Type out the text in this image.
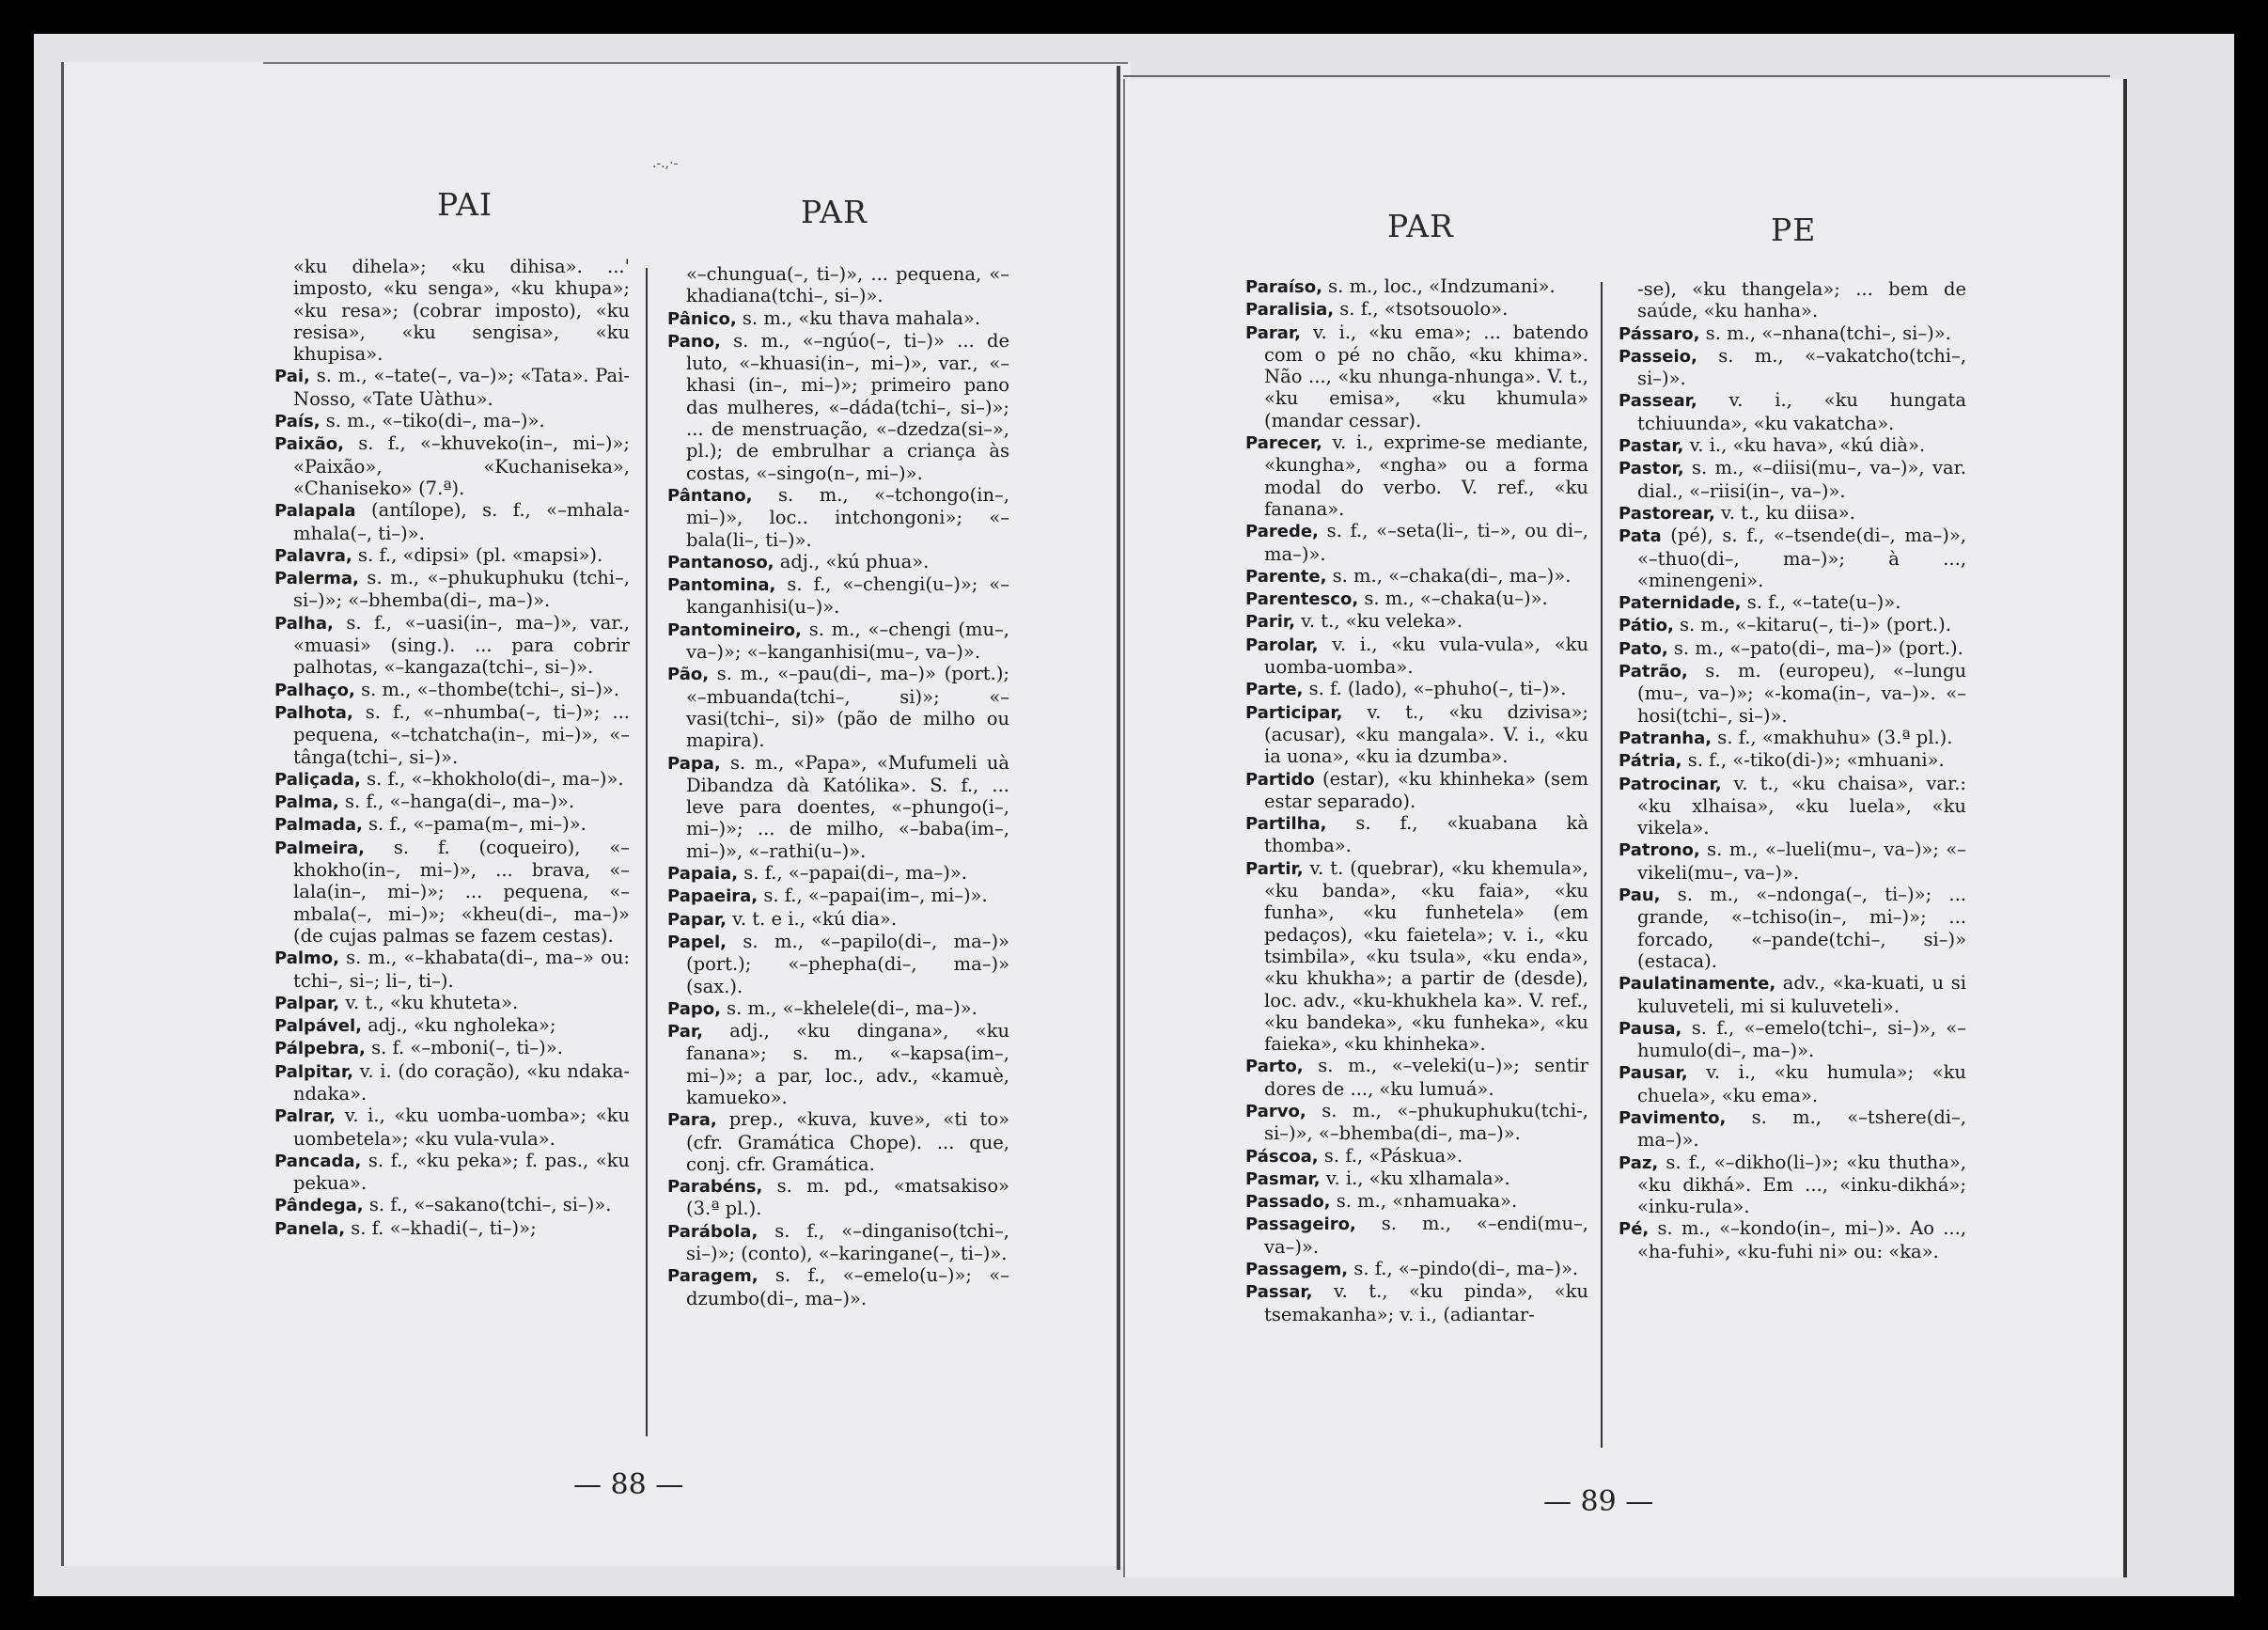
.-.,·-
PAI	PAR	PAR	PE

«ku dihela»; «ku dihisa». ...' imposto, «ku senga», «ku khupa»; «ku resa»; (cobrar imposto), «ku resisa», «ku sengisa», «ku khupisa».

Pai, s. m., «–tate(–, va–)»; «Tata». Pai-Nosso, «Tate Uàthu».

País, s. m., «–tiko(di–, ma–)».

Paixão, s. f., «–khuveko(in–, mi–)»; «Paixão», «Kuchaniseka», «Chaniseko» (7.ª).

Palapala (antílope), s. f., «–mhala-mhala(–, ti–)».

Palavra, s. f., «dipsi» (pl. «mapsi»).

Palerma, s. m., «–phukuphuku (tchi–, si–)»; «–bhemba(di–, ma–)».

Palha, s. f., «–uasi(in–, ma–)», var., «muasi» (sing.). ... para cobrir palhotas, «–kangaza(tchi–, si–)».

Palhaço, s. m., «–thombe(tchi–, si–)».

Palhota, s. f., «–nhumba(–, ti–)»; ... pequena, «–tchatcha(in–, mi–)», «–tânga(tchi–, si–)».

Paliçada, s. f., «–khokholo(di–, ma–)».

Palma, s. f., «–hanga(di–, ma–)».

Palmada, s. f., «–pama(m–, mi–)».

Palmeira, s. f. (coqueiro), «–khokho(in–, mi–)», ... brava, «–lala(in–, mi–)»; ... pequena, «–mbala(–, mi–)»; «kheu(di–, ma–)» (de cujas palmas se fazem cestas).

Palmo, s. m., «–khabata(di–, ma–» ou: tchi–, si–; li–, ti–).

Palpar, v. t., «ku khuteta».

Palpável, adj., «ku ngholeka»;

Pálpebra, s. f. «–mboni(–, ti–)».

Palpitar, v. i. (do coração), «ku ndaka-ndaka».

Palrar, v. i., «ku uomba-uomba»; «ku uombetela»; «ku vula-vula».

Pancada, s. f., «ku peka»; f. pas., «ku pekua».

Pândega, s. f., «–sakano(tchi–, si–)».

Panela, s. f. «–khadi(–, ti–)»;

«–chungua(–, ti–)», ... pequena, «–khadiana(tchi–, si–)».

Pânico, s. m., «ku thava mahala».

Pano, s. m., «–ngúo(–, ti–)» ... de luto, «–khuasi(in–, mi–)», var., «–khasi (in–, mi–)»; primeiro pano das mulheres, «–dáda(tchi–, si–)»; ... de menstruação, «–dzedza(si–», pl.); de embrulhar a criança às costas, «–singo(n–, mi–)».

Pântano, s. m., «–tchongo(in–, mi–)», loc.. intchongoni»; «–bala(li–, ti–)».

Pantanoso, adj., «kú phua».

Pantomina, s. f., «–chengi(u–)»; «–kanganhisi(u–)».

Pantomineiro, s. m., «–chengi (mu–, va–)»; «–kanganhisi(mu–, va–)».

Pão, s. m., «–pau(di–, ma–)» (port.); «–mbuanda(tchi–, si)»; «–vasi(tchi–, si)» (pão de milho ou mapira).

Papa, s. m., «Papa», «Mufumeli uà Dibandza dà Katólika». S. f., ... leve para doentes, «–phungo(i–, mi–)»; ... de milho, «–baba(im–, mi–)», «–rathi(u–)».

Papaia, s. f., «–papai(di–, ma–)».

Papaeira, s. f., «–papai(im–, mi–)».

Papar, v. t. e i., «kú dia».

Papel, s. m., «–papilo(di–, ma–)» (port.); «–phepha(di–, ma–)» (sax.).

Papo, s. m., «–khelele(di–, ma–)».

Par, adj., «ku dingana», «ku fanana»; s. m., «–kapsa(im–, mi–)»; a par, loc., adv., «kamuè, kamueko».

Para, prep., «kuva, kuve», «ti to» (cfr. Gramática Chope). ... que, conj. cfr. Gramática.

Parabéns, s. m. pd., «matsakiso» (3.ª pl.).

Parábola, s. f., «–dinganiso(tchi–, si–)»; (conto), «–karingane(–, ti–)».

Paragem, s. f., «–emelo(u–)»; «–dzumbo(di–, ma–)».

Paraíso, s. m., loc., «Indzumani».

Paralisia, s. f., «tsotsouolo».

Parar, v. i., «ku ema»; ... batendo com o pé no chão, «ku khima». Não ..., «ku nhunga-nhunga». V. t., «ku emisa», «ku khumula» (mandar cessar).

Parecer, v. i., exprime-se mediante, «kungha», «ngha» ou a forma modal do verbo. V. ref., «ku fanana».

Parede, s. f., «–seta(li–, ti–», ou di–, ma–)».

Parente, s. m., «–chaka(di–, ma–)».

Parentesco, s. m., «–chaka(u–)».

Parir, v. t., «ku veleka».

Parolar, v. i., «ku vula-vula», «ku uomba-uomba».

Parte, s. f. (lado), «–phuho(–, ti–)».

Participar, v. t., «ku dzivisa»; (acusar), «ku mangala». V. i., «ku ia uona», «ku ia dzumba».

Partido (estar), «ku khinheka» (sem estar separado).

Partilha, s. f., «kuabana kà thomba».

Partir, v. t. (quebrar), «ku khemula», «ku banda», «ku faia», «ku funha», «ku funhetela» (em pedaços), «ku faietela»; v. i., «ku tsimbila», «ku tsula», «ku enda», «ku khukha»; a partir de (desde), loc. adv., «ku-khukhela ka». V. ref., «ku bandeka», «ku funheka», «ku faieka», «ku khinheka».

Parto, s. m., «–veleki(u–)»; sentir dores de ..., «ku lumuá».

Parvo, s. m., «–phukuphuku(tchi-, si–)», «–bhemba(di–, ma–)».

Páscoa, s. f., «Páskua».

Pasmar, v. i., «ku xlhamala».

Passado, s. m., «nhamuaka».

Passageiro, s. m., «–endi(mu–, va–)».

Passagem, s. f., «–pindo(di–, ma–)».

Passar, v. t., «ku pinda», «ku tsemakanha»; v. i., (adiantar-

-se), «ku thangela»; ... bem de saúde, «ku hanha».

Pássaro, s. m., «–nhana(tchi–, si–)».

Passeio, s. m., «–vakatcho(tchi–, si–)».

Passear, v. i., «ku hungata tchiuunda», «ku vakatcha».

Pastar, v. i., «ku hava», «kú dià».

Pastor, s. m., «–diisi(mu–, va–)», var. dial., «–riisi(in–, va–)».

Pastorear, v. t., ku diisa».

Pata (pé), s. f., «–tsende(di–, ma–)», «–thuo(di–, ma–)»; à ..., «minengeni».

Paternidade, s. f., «–tate(u–)».

Pátio, s. m., «–kitaru(–, ti–)» (port.).

Pato, s. m., «–pato(di–, ma–)» (port.).

Patrão, s. m. (europeu), «–lungu (mu–, va–)»; «-koma(in–, va–)». «–hosi(tchi–, si–)».

Patranha, s. f., «makhuhu» (3.ª pl.).

Pátria, s. f., «-tiko(di-)»; «mhuani».

Patrocinar, v. t., «ku chaisa», var.: «ku xlhaisa», «ku luela», «ku vikela».

Patrono, s. m., «–lueli(mu–, va–)»; «–vikeli(mu–, va–)».

Pau, s. m., «–ndonga(–, ti–)»; ... grande, «–tchiso(in–, mi–)»; ... forcado, «–pande(tchi–, si–)» (estaca).

Paulatinamente, adv., «ka-kuati, u si kuluveteli, mi si kuluveteli».

Pausa, s. f., «–emelo(tchi–, si–)», «–humulo(di–, ma–)».

Pausar, v. i., «ku humula»; «ku chuela», «ku ema».

Pavimento, s. m., «–tshere(di–, ma–)».

Paz, s. f., «–dikho(li–)»; «ku thutha», «ku dikhá». Em ..., «inku-dikhá»; «inku-rula».

Pé, s. m., «–kondo(in–, mi–)». Ao ..., «ha-fuhi», «ku-fuhi ni» ou: «ka».

— 88 —
— 89 —
